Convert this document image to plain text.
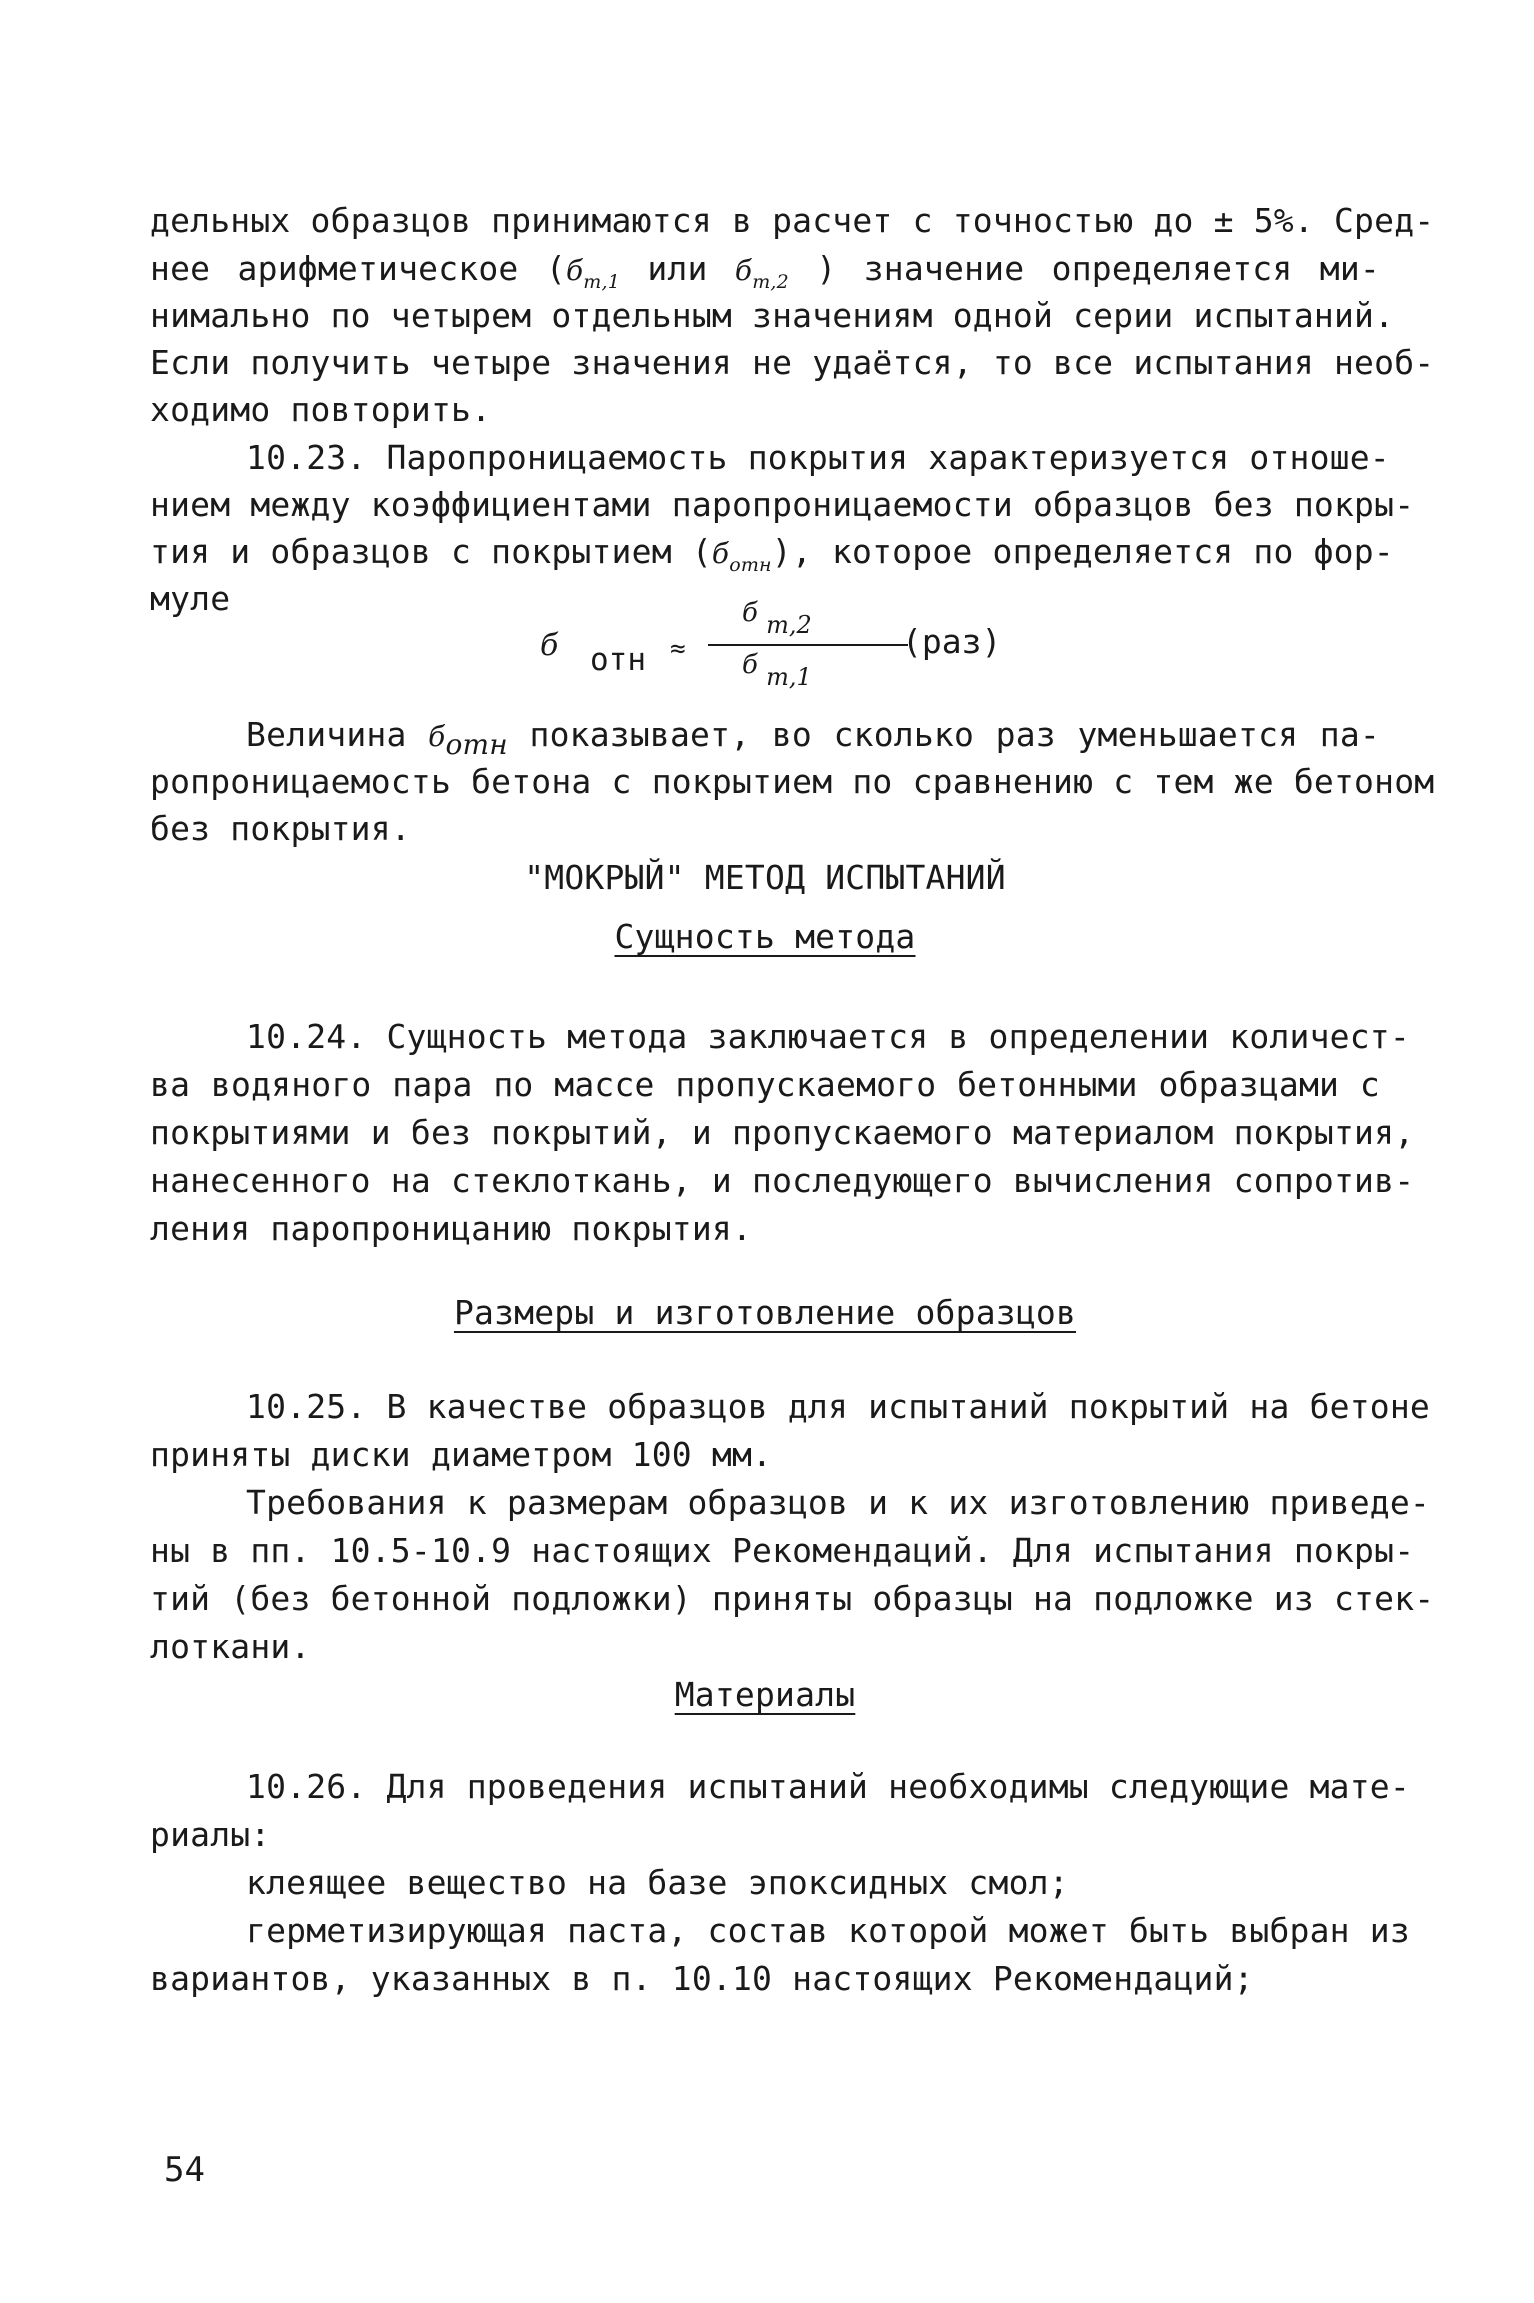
дельных образцов принимаются в расчет с точностью до ± 5%. Сред-
нее арифметическое ($б_{m,1}$ или $б_{m,2}$ ) значение определяется ми-
нимально по четырем отдельным значениям одной серии испытаний.
Если получить четыре значения не удаётся, то все испытания необ-
ходимо повторить.
10.23. Паропроницаемость покрытия характеризуется отноше-
нием между коэффициентами паропроницаемости образцов без покры-
тия и образцов с покрытием $(б_{отн})$, которое определяется по фор-
муле
б отн ≈
б m,2
б m,1
(раз)
Величина $б_{отн}$ показывает, во сколько раз уменьшается па-
ропроницаемость бетона с покрытием по сравнению с тем же бетоном
без покрытия.
"МОКРЫЙ" МЕТОД ИСПЫТАНИЙ
Сущность метода
10.24. Сущность метода заключается в определении количест-
ва водяного пара по массе пропускаемого бетонными образцами с
покрытиями и без покрытий, и пропускаемого материалом покрытия,
нанесенного на стеклоткань, и последующего вычисления сопротив-
ления паропроницанию покрытия.
Размеры и изготовление образцов
10.25. В качестве образцов для испытаний покрытий на бетоне
приняты диски диаметром 100 мм.
Требования к размерам образцов и к их изготовлению приведе-
ны в пп. 10.5-10.9 настоящих Рекомендаций. Для испытания покры-
тий (без бетонной подложки) приняты образцы на подложке из стек-
лоткани.
Материалы
10.26. Для проведения испытаний необходимы следующие мате-
риалы:
клеящее вещество на базе эпоксидных смол;
герметизирующая паста, состав которой может быть выбран из
вариантов, указанных в п. 10.10 настоящих Рекомендаций;
54
